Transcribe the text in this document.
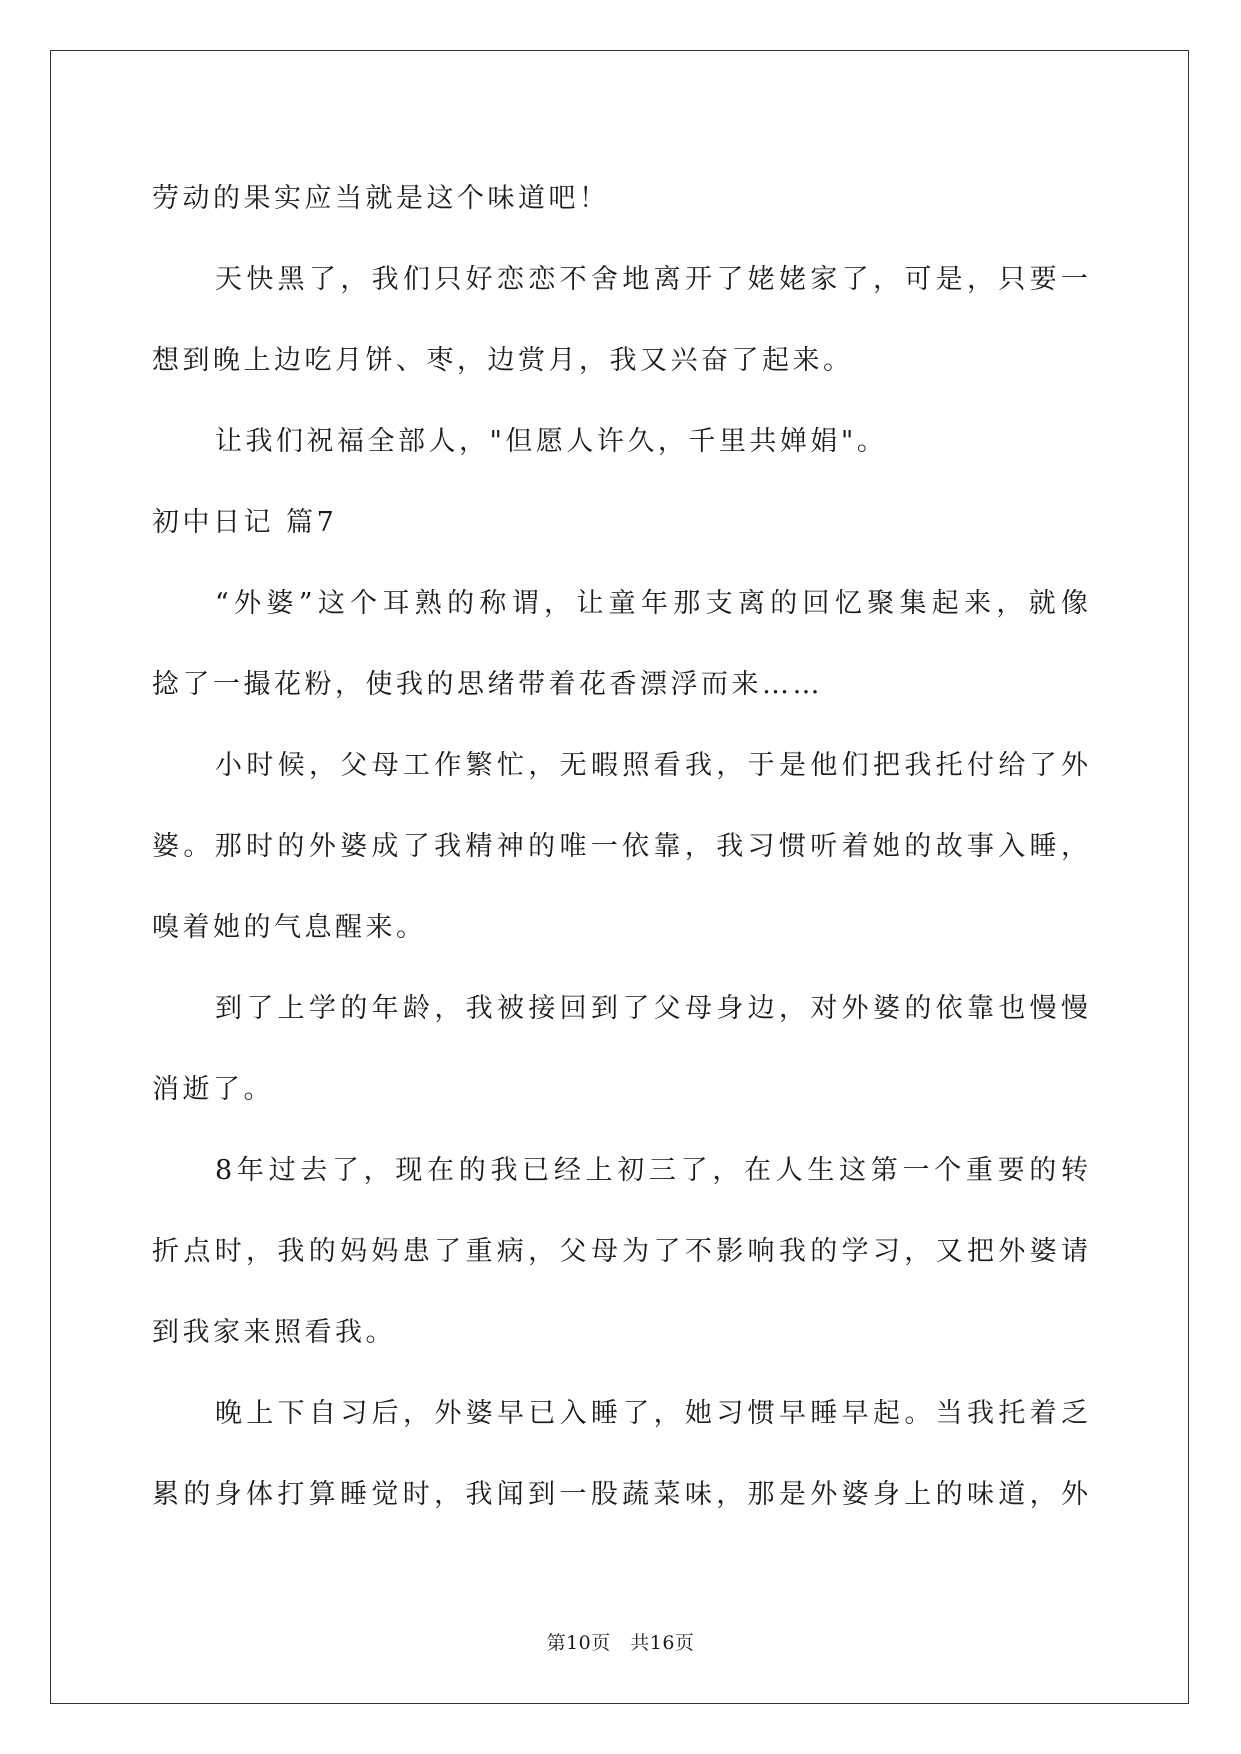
劳动的果实应当就是这个味道吧！
天快黑了，我们只好恋恋不舍地离开了姥姥家了，可是，只要一
想到晚上边吃月饼、枣，边赏月，我又兴奋了起来。
让我们祝福全部人，"但愿人许久，千里共婵娟"。
初中日记 篇7
“外婆”这个耳熟的称谓，让童年那支离的回忆聚集起来，就像
捻了一撮花粉，使我的思绪带着花香漂浮而来……
小时候，父母工作繁忙，无暇照看我，于是他们把我托付给了外
婆。那时的外婆成了我精神的唯一依靠，我习惯听着她的故事入睡，
嗅着她的气息醒来。
到了上学的年龄，我被接回到了父母身边，对外婆的依靠也慢慢
消逝了。
8年过去了，现在的我已经上初三了，在人生这第一个重要的转
折点时，我的妈妈患了重病，父母为了不影响我的学习，又把外婆请
到我家来照看我。
晚上下自习后，外婆早已入睡了，她习惯早睡早起。当我托着乏
累的身体打算睡觉时，我闻到一股蔬菜味，那是外婆身上的味道，外
第10页　共16页
